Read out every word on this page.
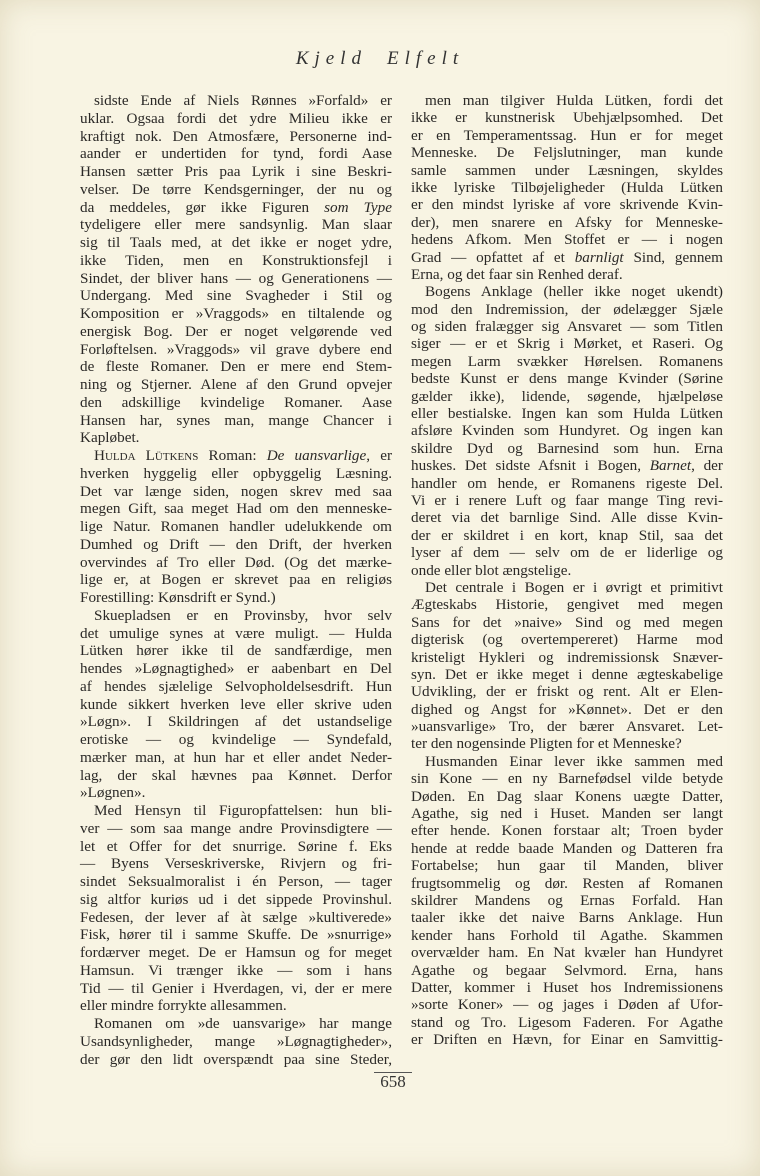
Kjeld Elfelt
sidste Ende af Niels Rønnes »Forfald» er
uklar. Ogsaa fordi det ydre Milieu ikke er
kraftigt nok. Den Atmosfære, Personerne ind-
aander er undertiden for tynd, fordi Aase
Hansen sætter Pris paa Lyrik i sine Beskri-
velser. De tørre Kendsgerninger, der nu og
da meddeles, gør ikke Figuren som Type
tydeligere eller mere sandsynlig. Man slaar
sig til Taals med, at det ikke er noget ydre,
ikke Tiden, men en Konstruktionsfejl i
Sindet, der bliver hans — og Generationens —
Undergang. Med sine Svagheder i Stil og
Komposition er »Vraggods» en tiltalende og
energisk Bog. Der er noget velgørende ved
Forløftelsen. »Vraggods» vil grave dybere end
de fleste Romaner. Den er mere end Stem-
ning og Stjerner. Alene af den Grund opvejer
den adskillige kvindelige Romaner. Aase
Hansen har, synes man, mange Chancer i
Kapløbet.
Hulda Lütkens Roman: De uansvarlige, er
hverken hyggelig eller opbyggelig Læsning.
Det var længe siden, nogen skrev med saa
megen Gift, saa meget Had om den menneske-
lige Natur. Romanen handler udelukkende om
Dumhed og Drift — den Drift, der hverken
overvindes af Tro eller Død. (Og det mærke-
lige er, at Bogen er skrevet paa en religiøs
Forestilling: Kønsdrift er Synd.)
Skuepladsen er en Provinsby, hvor selv
det umulige synes at være muligt. — Hulda
Lütken hører ikke til de sandfærdige, men
hendes »Løgnagtighed» er aabenbart en Del
af hendes sjælelige Selvopholdelsesdrift. Hun
kunde sikkert hverken leve eller skrive uden
»Løgn». I Skildringen af det ustandselige
erotiske — og kvindelige — Syndefald,
mærker man, at hun har et eller andet Neder-
lag, der skal hævnes paa Kønnet. Derfor
»Løgnen».
Med Hensyn til Figuropfattelsen: hun bli-
ver — som saa mange andre Provinsdigtere —
let et Offer for det snurrige. Sørine f. Eks
— Byens Verseskriverske, Rivjern og fri-
sindet Seksualmoralist i én Person, — tager
sig altfor kuriøs ud i det sippede Provinshul.
Fedesen, der lever af àt sælge »kultiverede»
Fisk, hører til i samme Skuffe. De »snurrige»
fordærver meget. De er Hamsun og for meget
Hamsun. Vi trænger ikke — som i hans
Tid — til Genier i Hverdagen, vi, der er mere
eller mindre forrykte allesammen.
Romanen om »de uansvarige» har mange
Usandsynligheder, mange »Løgnagtigheder»,
der gør den lidt overspændt paa sine Steder,
men man tilgiver Hulda Lütken, fordi det
ikke er kunstnerisk Ubehjælpsomhed. Det
er en Temperamentssag. Hun er for meget
Menneske. De Feljslutninger, man kunde
samle sammen under Læsningen, skyldes
ikke lyriske Tilbøjeligheder (Hulda Lütken
er den mindst lyriske af vore skrivende Kvin-
der), men snarere en Afsky for Menneske-
hedens Afkom. Men Stoffet er — i nogen
Grad — opfattet af et barnligt Sind, gennem
Erna, og det faar sin Renhed deraf.
Bogens Anklage (heller ikke noget ukendt)
mod den Indremission, der ødelægger Sjæle
og siden fralægger sig Ansvaret — som Titlen
siger — er et Skrig i Mørket, et Raseri. Og
megen Larm svækker Hørelsen. Romanens
bedste Kunst er dens mange Kvinder (Sørine
gælder ikke), lidende, søgende, hjælpeløse
eller bestialske. Ingen kan som Hulda Lütken
afsløre Kvinden som Hundyret. Og ingen kan
skildre Dyd og Barnesind som hun. Erna
huskes. Det sidste Afsnit i Bogen, Barnet, der
handler om hende, er Romanens rigeste Del.
Vi er i renere Luft og faar mange Ting revi-
deret via det barnlige Sind. Alle disse Kvin-
der er skildret i en kort, knap Stil, saa det
lyser af dem — selv om de er liderlige og
onde eller blot ængstelige.
Det centrale i Bogen er i øvrigt et primitivt
Ægteskabs Historie, gengivet med megen
Sans for det »naive» Sind og med megen
digterisk (og overtempereret) Harme mod
kristeligt Hykleri og indremissionsk Snæver-
syn. Det er ikke meget i denne ægteskabelige
Udvikling, der er friskt og rent. Alt er Elen-
dighed og Angst for »Kønnet». Det er den
»uansvarlige» Tro, der bærer Ansvaret. Let-
ter den nogensinde Pligten for et Menneske?
Husmanden Einar lever ikke sammen med
sin Kone — en ny Barnefødsel vilde betyde
Døden. En Dag slaar Konens uægte Datter,
Agathe, sig ned i Huset. Manden ser langt
efter hende. Konen forstaar alt; Troen byder
hende at redde baade Manden og Datteren fra
Fortabelse; hun gaar til Manden, bliver
frugtsommelig og dør. Resten af Romanen
skildrer Mandens og Ernas Forfald. Han
taaler ikke det naive Barns Anklage. Hun
kender hans Forhold til Agathe. Skammen
overvælder ham. En Nat kvæler han Hundyret
Agathe og begaar Selvmord. Erna, hans
Datter, kommer i Huset hos Indremissionens
»sorte Koner» — og jages i Døden af Ufor-
stand og Tro. Ligesom Faderen. For Agathe
er Driften en Hævn, for Einar en Samvittig-
658
